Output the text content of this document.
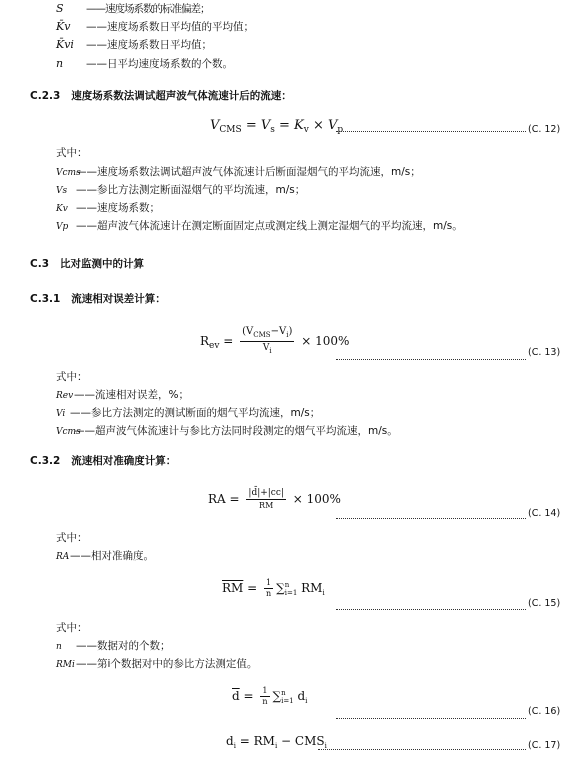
S ——速度场系数的标准偏差；
K̄v ——速度场系数日平均值的平均值；
K̄vi ——速度场系数日平均值；
n ——日平均速度场系数的个数。
C.2.3 速度场系数法调试超声波气体流速计后的流速：
$V_{CMS} = V_s = K_v \times V_p$	(C. 12)
式中：
Vcms——速度场系数法调试超声波气体流速计后断面湿烟气的平均流速，m/s；
Vs ——参比方法测定断面湿烟气的平均流速，m/s；
Kv ——速度场系数；
Vp ——超声波气体流速计在测定断面固定点或测定线上测定湿烟气的平均流速，m/s。
C.3 比对监测中的计算
C.3.1 流速相对误差计算：
$R_{ev} = \frac{(V_{CMS}-V_i)}{V_i} \times 100\%$
(C. 13)
式中：
Rev——流速相对误差，%；
Vi ——参比方法测定的测试断面的烟气平均流速，m/s；
Vcms——超声波气体流速计与参比方法同时段测定的烟气平均流速，m/s。
C.3.2 流速相对准确度计算：
RA = $\frac{|d̄|+|cc|}{RM} \times 100\%$
(C. 14)
式中：
RA——相对准确度。
$\overline{RM} = \frac{1}{n}$ ∑ n
i=1 $RM_i$
(C. 15)
式中：
n ——数据对的个数；
RMi——第i个数据对中的参比方法测定值。
$\overline{d} = \frac{1}{n}$ ∑ n
i=1 $d_i$
(C. 16)
$d_i = RM_i - CMS_i$	(C. 17)
